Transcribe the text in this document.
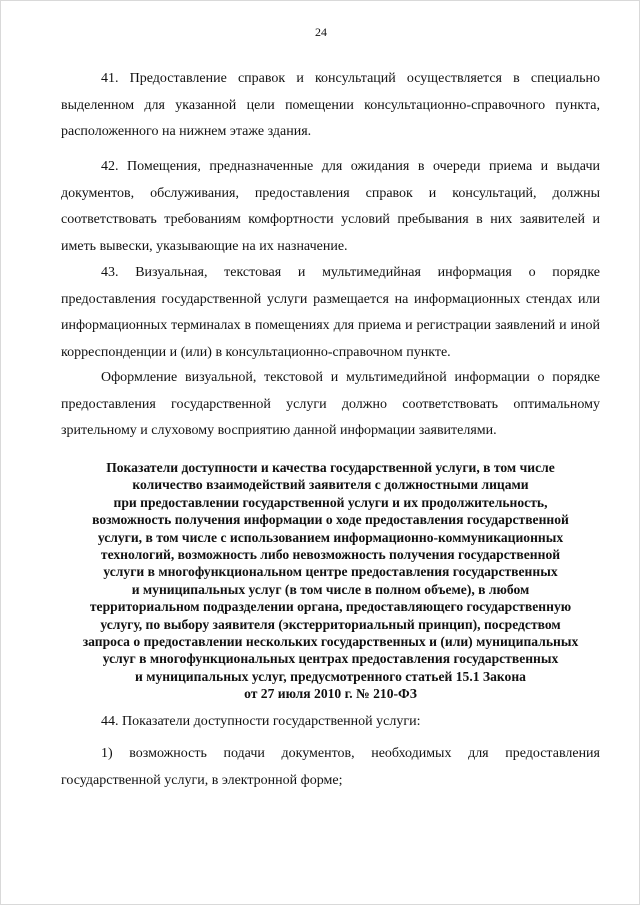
24

41. Предоставление справок и консультаций осуществляется в специально выделенном для указанной цели помещении консультационно-справочного пункта, расположенного на нижнем этаже здания.

42. Помещения, предназначенные для ожидания в очереди приема и выдачи документов, обслуживания, предоставления справок и консультаций, должны соответствовать требованиям комфортности условий пребывания в них заявителей и иметь вывески, указывающие на их назначение.

43. Визуальная, текстовая и мультимедийная информация о порядке предоставления государственной услуги размещается на информационных стендах или информационных терминалах в помещениях для приема и регистрации заявлений и иной корреспонденции и (или) в консультационно-справочном пункте.

Оформление визуальной, текстовой и мультимедийной информации о порядке предоставления государственной услуги должно соответствовать оптимальному зрительному и слуховому восприятию данной информации заявителями.

Показатели доступности и качества государственной услуги, в том числе
количество взаимодействий заявителя с должностными лицами
при предоставлении государственной услуги и их продолжительность,
возможность получения информации о ходе предоставления государственной
услуги, в том числе с использованием информационно-коммуникационных
технологий, возможность либо невозможность получения государственной
услуги в многофункциональном центре предоставления государственных
и муниципальных услуг (в том числе в полном объеме), в любом
территориальном подразделении органа, предоставляющего государственную
услугу, по выбору заявителя (экстерриториальный принцип), посредством
запроса о предоставлении нескольких государственных и (или) муниципальных
услуг в многофункциональных центрах предоставления государственных
и муниципальных услуг, предусмотренного статьей 15.1 Закона
от 27 июля 2010 г. № 210-ФЗ

44. Показатели доступности государственной услуги:

1) возможность подачи документов, необходимых для предоставления государственной услуги, в электронной форме;
